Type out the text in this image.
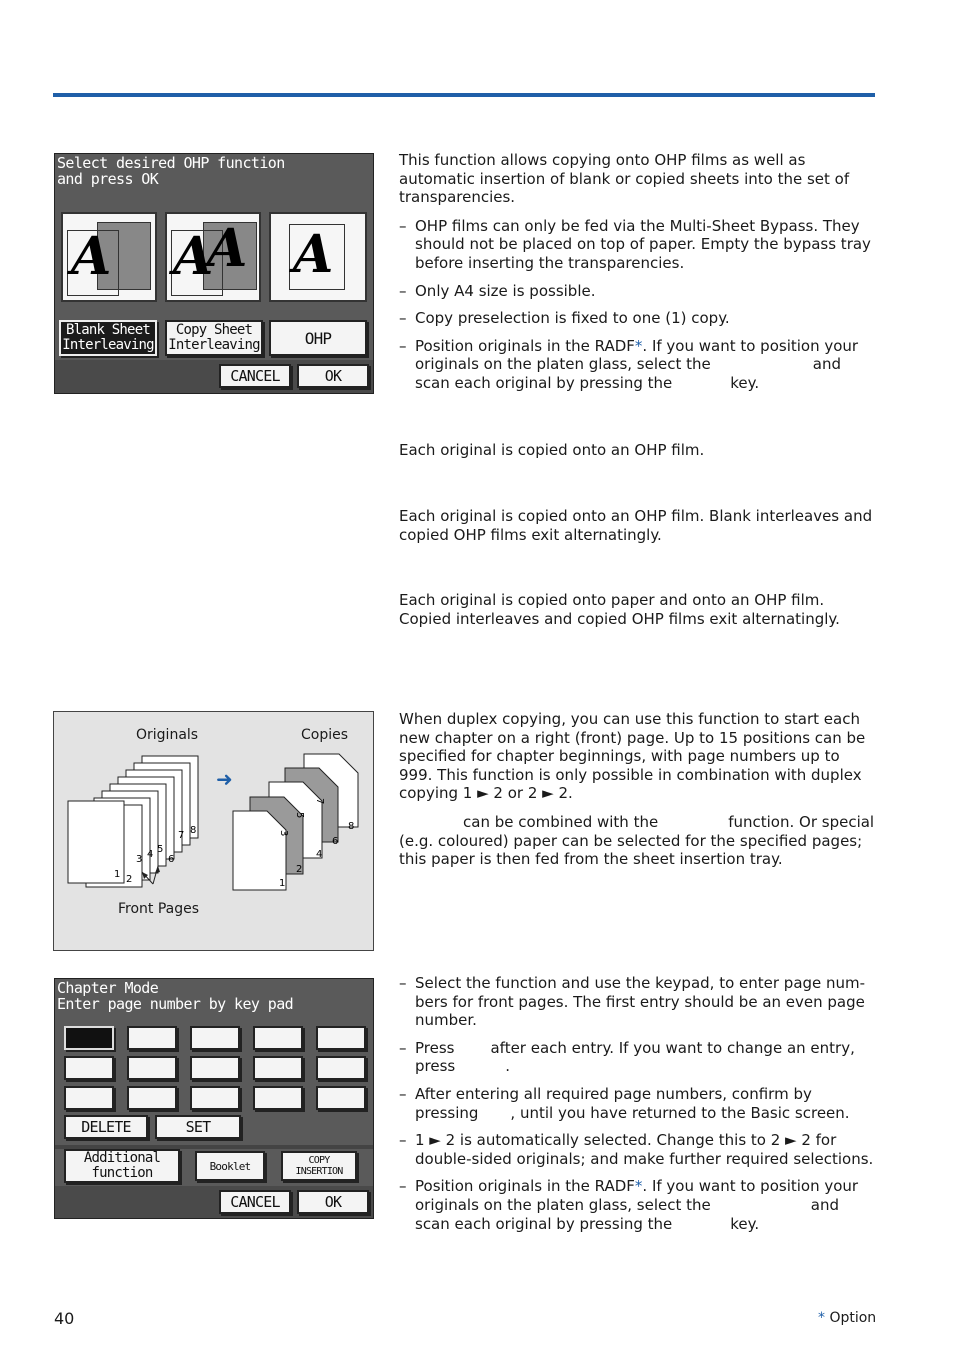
Select desired OHP function
and press OK
A A
A A
Blank Sheet Interleaving
Copy Sheet Interleaving	OHP
CANCEL	OK

This function allows copying onto OHP films as well as automatic insertion of blank or copied sheets into the set of transparencies.

– OHP films can only be fed via the Multi-Sheet Bypass. They should not be placed on top of paper. Empty the bypass tray before inserting the transparencies.

– Only A4 size is possible.

– Copy preselection is fixed to one (1) copy.

– Position originals in the RADF*. If you want to position your originals on the platen glass, select the	and scan each original by pressing the	key.

Each original is copied onto an OHP film.
Each original is copied onto an OHP film. Blank interleaves and copied OHP films exit alternatingly.
Each original is copied onto paper and onto an OHP film. Copied interleaves and copied OHP films exit alternatingly.
Originals	Copies
Front Pages
➜
1 2
3 4 5
6
7 8
1
2
3
4
5
6
7
8

When duplex copying, you can use this function to start each new chapter on a right (front) page. Up to 15 positions can be specified for chapter beginnings, with page numbers up to 999. This function is only possible in combination with duplex copying 1 ► 2 or 2 ► 2.

can be combined with the	function. Or special (e.g. coloured) paper can be selected for the specified pages; this paper is then fed from the sheet insertion tray.

Chapter Mode
Enter page number by key pad
DELETE	SET
Additional function	Booklet	COPY INSERTION
CANCEL	OK

– Select the function and use the keypad, to enter page num- bers for front pages. The first entry should be an even page number.

– Press after each entry. If you want to change an entry, press	.

– After entering all required page numbers, confirm by pressing , until you have returned to the Basic screen.

– 1 ► 2 is automatically selected. Change this to 2 ► 2 for double-sided originals; and make further required selections.

– Position originals in the RADF*. If you want to position your originals on the platen glass, select the	and scan each original by pressing the	key.

40	* Option
